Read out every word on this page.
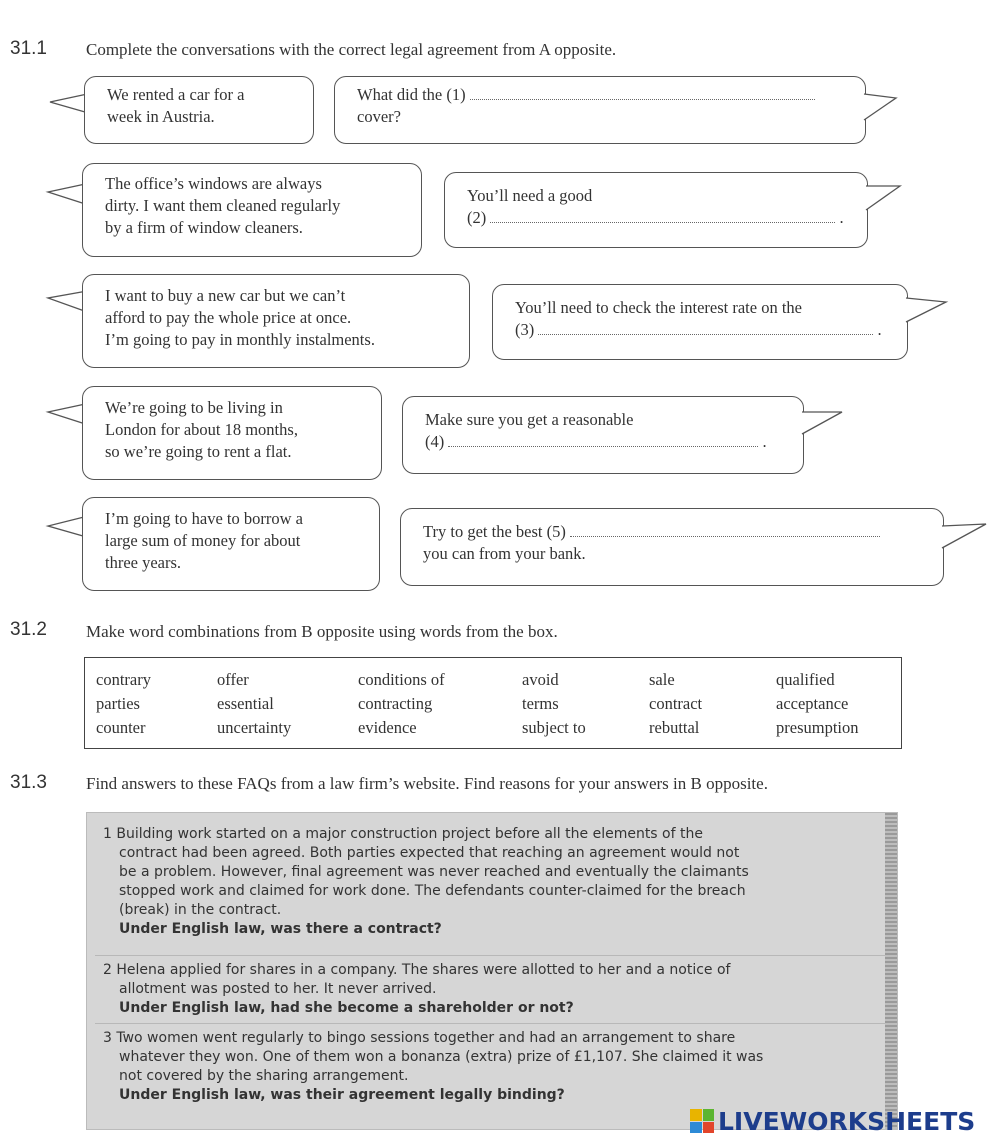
31.1 Complete the conversations with the correct legal agreement from A opposite.
We rented a car for a
week in Austria.
What did the (1)
cover?
The office’s windows are always
dirty. I want them cleaned regularly
by a firm of window cleaners.
You’ll need a good
(2)	.
I want to buy a new car but we can’t
afford to pay the whole price at once.
I’m going to pay in monthly instalments.
You’ll need to check the interest rate on the
(3)	.
We’re going to be living in
London for about 18 months,
so we’re going to rent a flat.
Make sure you get a reasonable
(4)	.
I’m going to have to borrow a
large sum of money for about
three years.
Try to get the best (5)
you can from your bank.
31.2 Make word combinations from B opposite using words from the box.
contrary	offer	conditions of	avoid	sale	qualified
parties	essential	contracting	terms	contract	acceptance
counter	uncertainty	evidence	subject to	rebuttal	presumption
31.3 Find answers to these FAQs from a law firm’s website. Find reasons for your answers in B opposite.
1 Building work started on a major construction project before all the elements of the
contract had been agreed. Both parties expected that reaching an agreement would not
be a problem. However, final agreement was never reached and eventually the claimants
stopped work and claimed for work done. The defendants counter-claimed for the breach
(break) in the contract.
Under English law, was there a contract?
2 Helena applied for shares in a company. The shares were allotted to her and a notice of
allotment was posted to her. It never arrived.
Under English law, had she become a shareholder or not?
3 Two women went regularly to bingo sessions together and had an arrangement to share
whatever they won. One of them won a bonanza (extra) prize of £1,107. She claimed it was
not covered by the sharing arrangement.
Under English law, was their agreement legally binding?
LIVEWORKSHEETS
